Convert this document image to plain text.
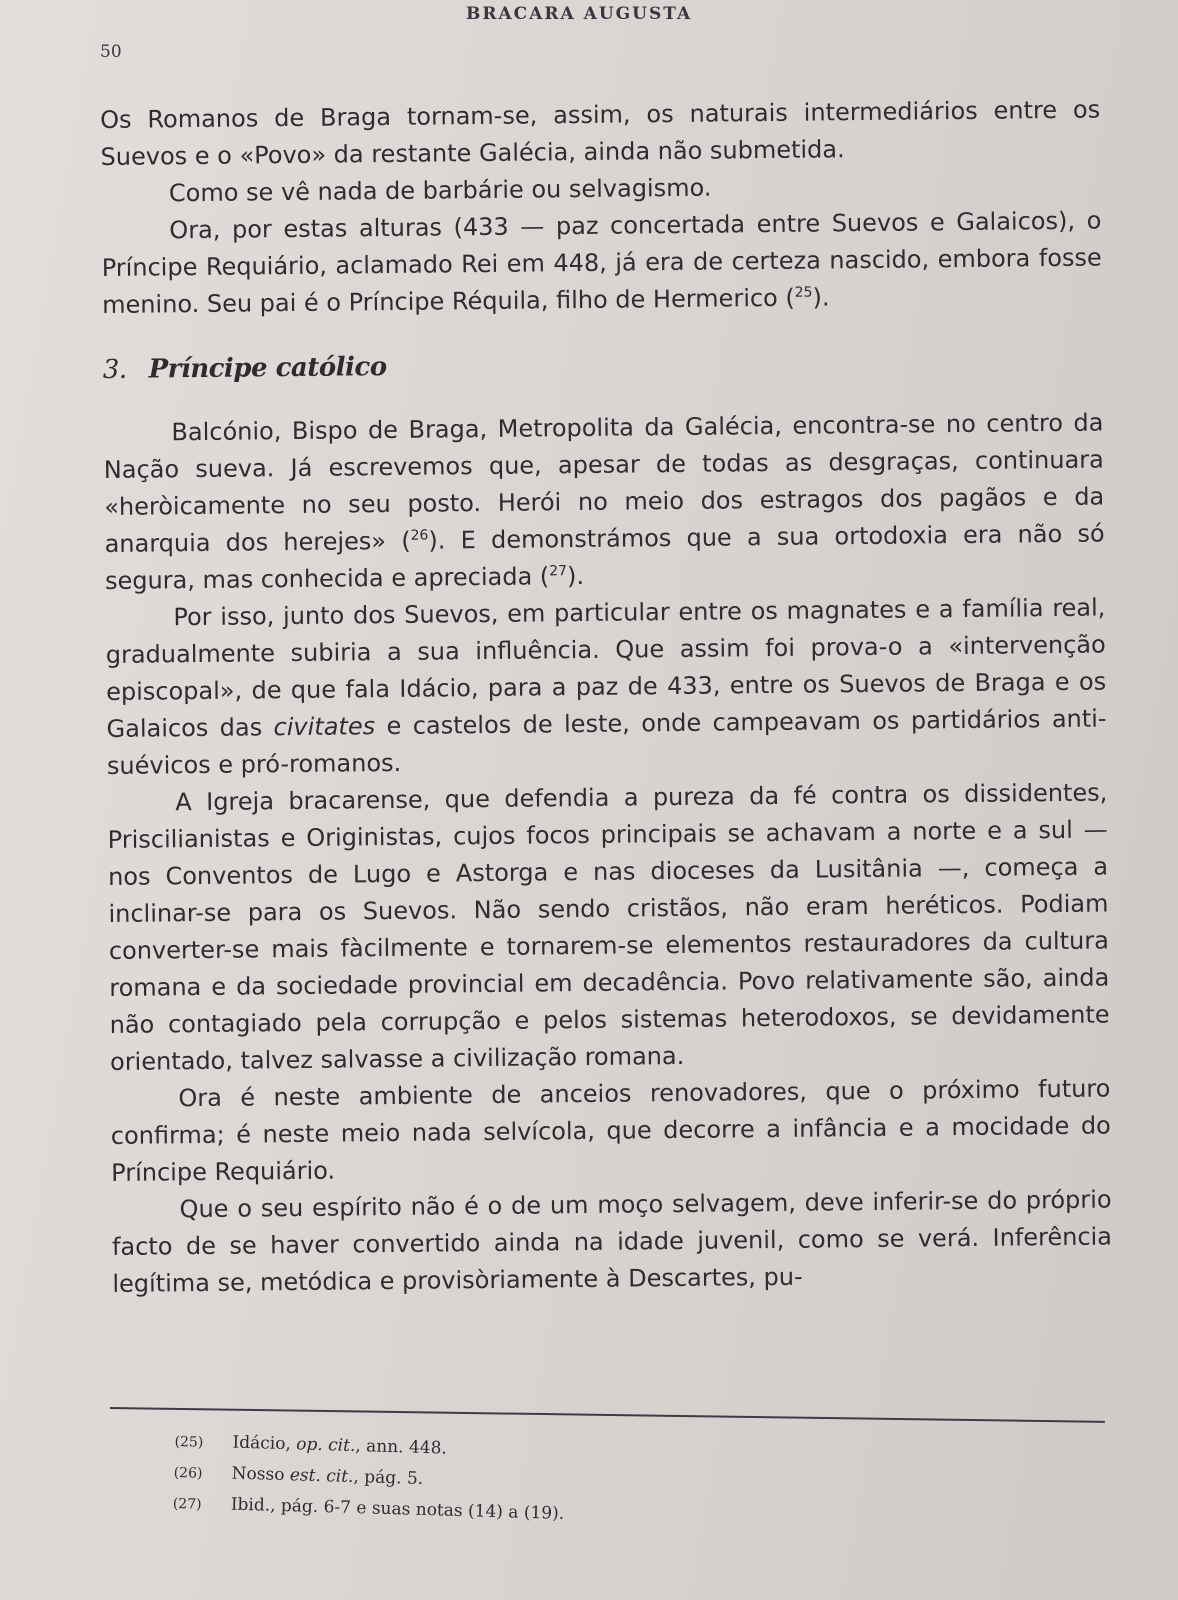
BRACARA AUGUSTA
50

Os Romanos de Braga tornam-se, assim, os naturais intermediários entre os Suevos e o «Povo» da restante Galécia, ainda não submetida.

Como se vê nada de barbárie ou selvagismo.

Ora, por estas alturas (433 — paz concertada entre Suevos e Galaicos), o Príncipe Requiário, aclamado Rei em 448, já era de certeza nascido, embora fosse menino. Seu pai é o Príncipe Réquila, filho de Hermerico ($^{25}$).

3. Príncipe católico

Balcónio, Bispo de Braga, Metropolita da Galécia, encontra-se no centro da Nação sueva. Já escrevemos que, apesar de todas as desgraças, continuara «heròicamente no seu posto. Herói no meio dos estragos dos pagãos e da anarquia dos herejes» ($^{26}$). E demonstrámos que a sua ortodoxia era não só segura, mas conhecida e apreciada ($^{27}$).

Por isso, junto dos Suevos, em particular entre os magnates e a família real, gradualmente subiria a sua influência. Que assim foi prova-o a «intervenção episcopal», de que fala Idácio, para a paz de 433, entre os Suevos de Braga e os Galaicos das civitates e castelos de leste, onde campeavam os partidários anti-suévicos e pró-romanos.

A Igreja bracarense, que defendia a pureza da fé contra os dissidentes, Priscilianistas e Originistas, cujos focos principais se achavam a norte e a sul — nos Conventos de Lugo e Astorga e nas dioceses da Lusitânia —, começa a inclinar-se para os Suevos. Não sendo cristãos, não eram heréticos. Podiam converter-se mais fàcilmente e tornarem-se elementos restauradores da cultura romana e da sociedade provincial em decadência. Povo relativamente são, ainda não contagiado pela corrupção e pelos sistemas heterodoxos, se devidamente orientado, talvez salvasse a civilização romana.

Ora é neste ambiente de anceios renovadores, que o próximo futuro confirma; é neste meio nada selvícola, que decorre a infância e a mocidade do Príncipe Requiário.

Que o seu espírito não é o de um moço selvagem, deve inferir-se do próprio facto de se haver convertido ainda na idade juvenil, como se verá. Inferência legítima se, metódica e provisòriamente à Descartes, pu-

(25) Idácio, op. cit., ann. 448.
(26) Nosso est. cit., pág. 5.
(27) Ibid., pág. 6-7 e suas notas (14) a (19).
